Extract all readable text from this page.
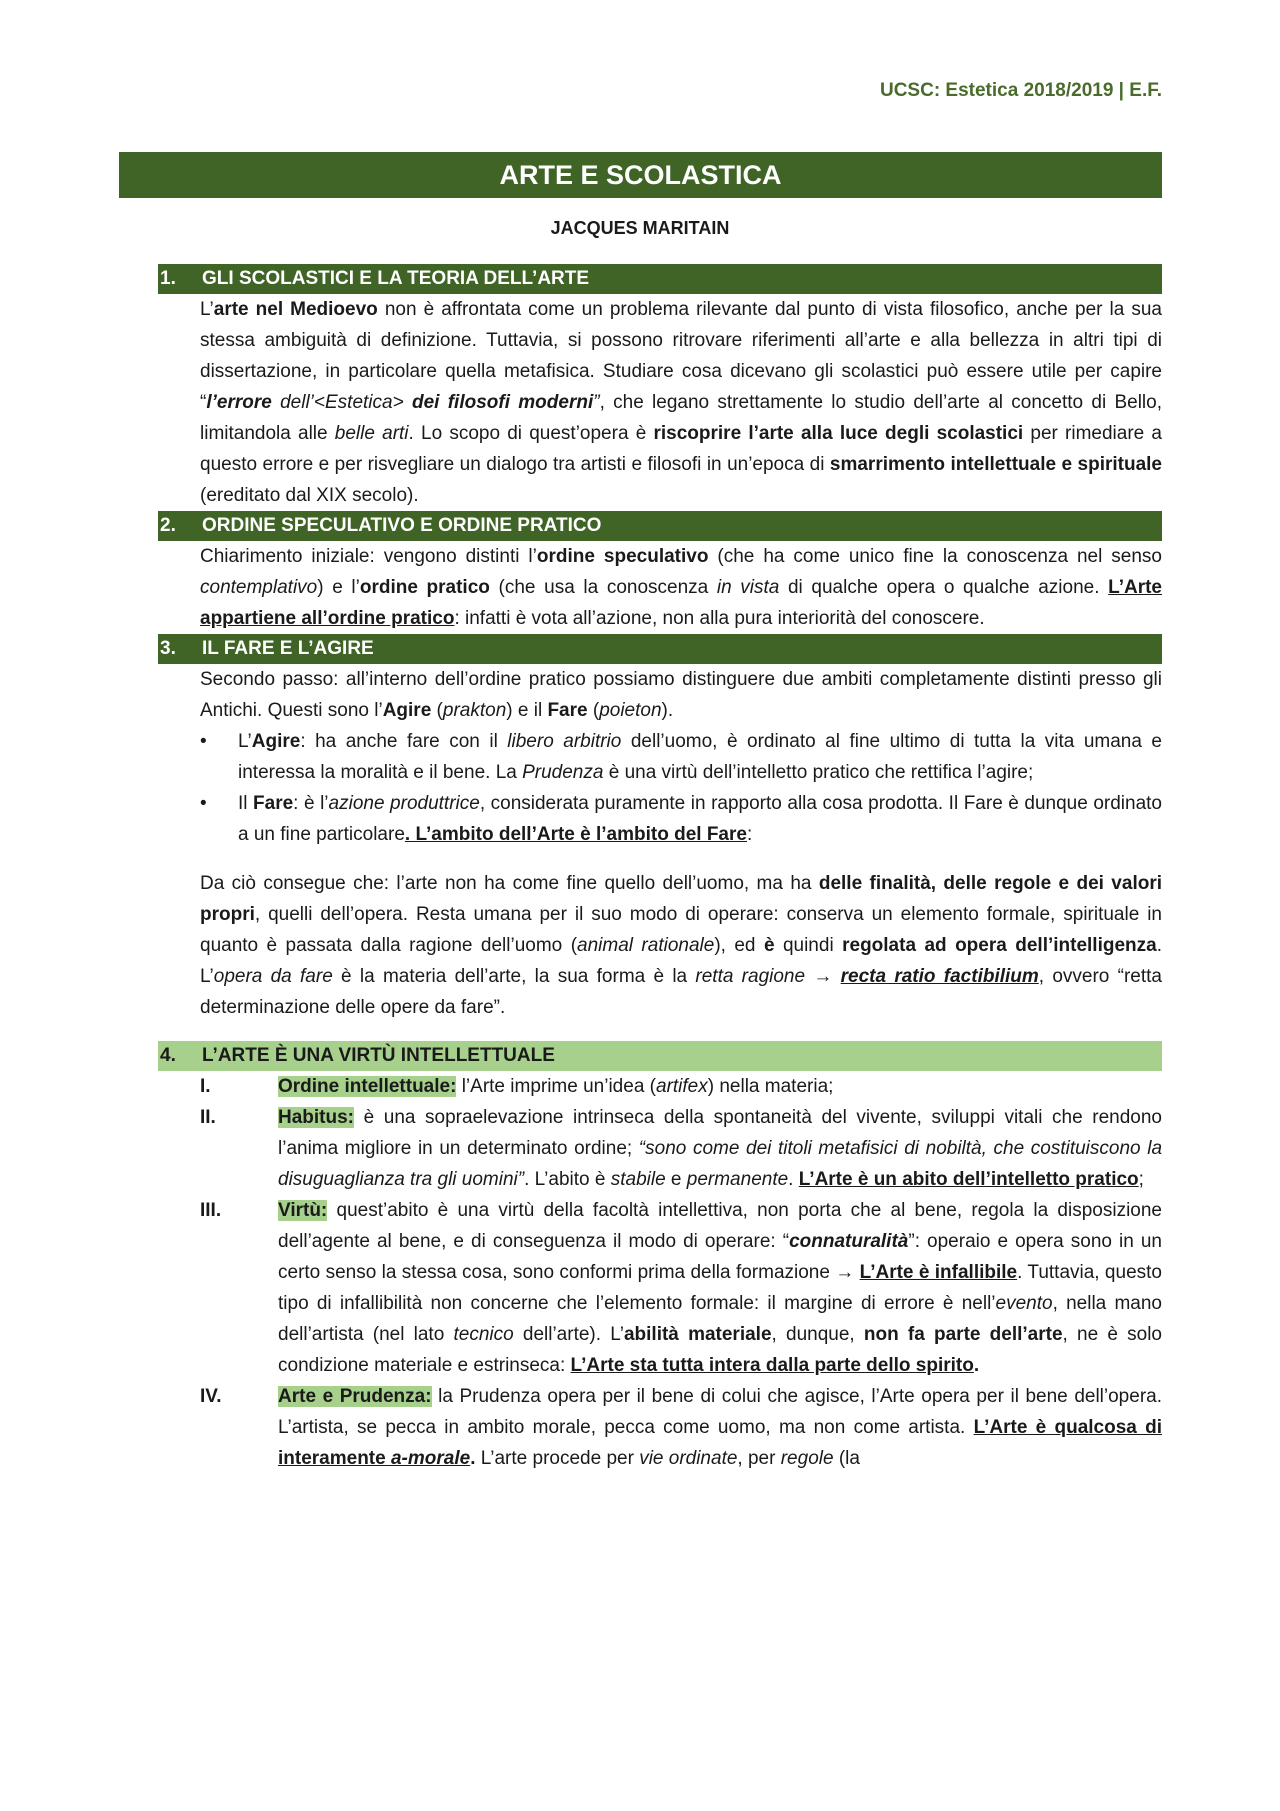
UCSC: Estetica 2018/2019 | E.F.
ARTE E SCOLASTICA
JACQUES MARITAIN
1.	GLI SCOLASTICI E LA TEORIA DELL’ARTE
L’arte nel Medioevo non è affrontata come un problema rilevante dal punto di vista filosofico, anche per la sua stessa ambiguità di definizione. Tuttavia, si possono ritrovare riferimenti all’arte e alla bellezza in altri tipi di dissertazione, in particolare quella metafisica. Studiare cosa dicevano gli scolastici può essere utile per capire “l’errore dell’<Estetica> dei filosofi moderni”, che legano strettamente lo studio dell’arte al concetto di Bello, limitandola alle belle arti. Lo scopo di quest’opera è riscoprire l’arte alla luce degli scolastici per rimediare a questo errore e per risvegliare un dialogo tra artisti e filosofi in un’epoca di smarrimento intellettuale e spirituale (ereditato dal XIX secolo).
2.	ORDINE SPECULATIVO E ORDINE PRATICO
Chiarimento iniziale: vengono distinti l’ordine speculativo (che ha come unico fine la conoscenza nel senso contemplativo) e l’ordine pratico (che usa la conoscenza in vista di qualche opera o qualche azione. L’Arte appartiene all’ordine pratico: infatti è vota all’azione, non alla pura interiorità del conoscere.
3.	IL FARE E L’AGIRE
Secondo passo: all’interno dell’ordine pratico possiamo distinguere due ambiti completamente distinti presso gli Antichi. Questi sono l’Agire (prakton) e il Fare (poieton).
•	L’Agire: ha anche fare con il libero arbitrio dell’uomo, è ordinato al fine ultimo di tutta la vita umana e interessa la moralità e il bene. La Prudenza è una virtù dell’intelletto pratico che rettifica l’agire;
•	Il Fare: è l’azione produttrice, considerata puramente in rapporto alla cosa prodotta. Il Fare è dunque ordinato a un fine particolare. L’ambito dell’Arte è l’ambito del Fare:
Da ciò consegue che: l’arte non ha come fine quello dell’uomo, ma ha delle finalità, delle regole e dei valori propri, quelli dell’opera. Resta umana per il suo modo di operare: conserva un elemento formale, spirituale in quanto è passata dalla ragione dell’uomo (animal rationale), ed è quindi regolata ad opera dell’intelligenza. L’opera da fare è la materia dell’arte, la sua forma è la retta ragione → recta ratio factibilium, ovvero “retta determinazione delle opere da fare”.
4.	L’ARTE È UNA VIRTÙ INTELLETTUALE
I.	Ordine intellettuale: l’Arte imprime un’idea (artifex) nella materia;
II.	Habitus: è una sopraelevazione intrinseca della spontaneità del vivente, sviluppi vitali che rendono l’anima migliore in un determinato ordine; “sono come dei titoli metafisici di nobiltà, che costituiscono la disuguaglianza tra gli uomini”. L’abito è stabile e permanente. L’Arte è un abito dell’intelletto pratico;
III.	Virtù: quest’abito è una virtù della facoltà intellettiva, non porta che al bene, regola la disposizione dell’agente al bene, e di conseguenza il modo di operare: “connaturalità”: operaio e opera sono in un certo senso la stessa cosa, sono conformi prima della formazione → L’Arte è infallibile. Tuttavia, questo tipo di infallibilità non concerne che l’elemento formale: il margine di errore è nell’evento, nella mano dell’artista (nel lato tecnico dell’arte). L’abilità materiale, dunque, non fa parte dell’arte, ne è solo condizione materiale e estrinseca: L’Arte sta tutta intera dalla parte dello spirito.
IV.	Arte e Prudenza: la Prudenza opera per il bene di colui che agisce, l’Arte opera per il bene dell’opera. L’artista, se pecca in ambito morale, pecca come uomo, ma non come artista. L’Arte è qualcosa di interamente a-morale. L’arte procede per vie ordinate, per regole (la
